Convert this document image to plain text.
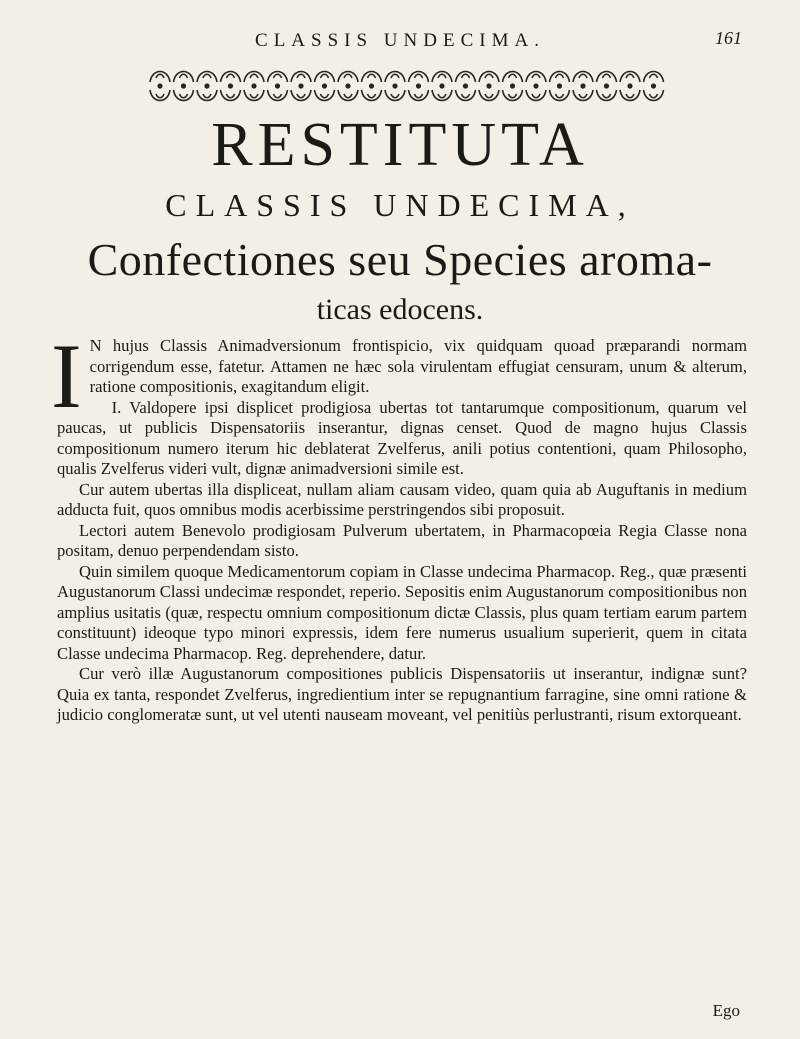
CLASSIS UNDECIMA.	161
RESTITUTA
CLASSIS UNDECIMA,
Confectiones seu Species aroma-
ticas edocens.

I N hujus Classis Animadversionum frontispicio, vix quidquam quoad præparandi normam corrigendum esse, fatetur. Attamen ne hæc sola virulentam effugiat censuram, unum & alterum, ratione compositionis, exagitandum eligit.

I. Valdopere ipsi displicet prodigiosa ubertas tot tantarumque compositionum, quarum vel paucas, ut publicis Dispensatoriis inserantur, dignas censet. Quod de magno hujus Classis compositionum numero iterum hic deblaterat Zvelferus, anili potius contentioni, quam Philosopho, qualis Zvelferus videri vult, dignæ animadversioni simile est.

Cur autem ubertas illa displiceat, nullam aliam causam video, quam quia ab Auguftanis in medium adducta fuit, quos omnibus modis acerbissime perstringendos sibi proposuit.

Lectori autem Benevolo prodigiosam Pulverum ubertatem, in Pharmacopœia Regia Classe nona positam, denuo perpendendam sisto.

Quin similem quoque Medicamentorum copiam in Classe undecima Pharmacop. Reg., quæ præsenti Augustanorum Classi undecimæ respondet, reperio. Sepositis enim Augustanorum compositionibus non amplius usitatis (quæ, respectu omnium compositionum dictæ Classis, plus quam tertiam earum partem constituunt) ideoque typo minori expressis, idem fere numerus usualium superierit, quem in citata Classe undecima Pharmacop. Reg. deprehendere, datur.

Cur verò illæ Augustanorum compositiones publicis Dispensatoriis ut inserantur, indignæ sunt? Quia ex tanta, respondet Zvelferus, ingredientium inter se repugnantium farragine, sine omni ratione & judicio conglomeratæ sunt, ut vel utenti nauseam moveant, vel penitiùs perlustranti, risum extorqueant.

Ego
